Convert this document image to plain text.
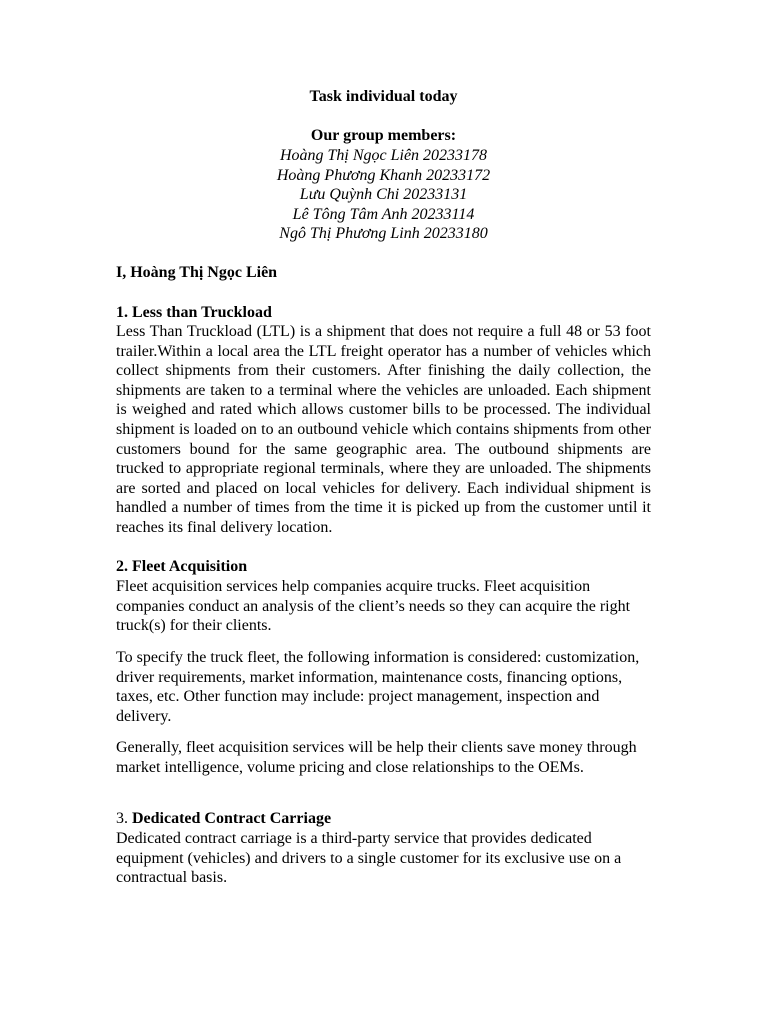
Task individual today
Our group members:
Hoàng Thị Ngọc Liên 20233178
Hoàng Phương Khanh 20233172
Lưu Quỳnh Chi 20233131
Lê Tông Tâm Anh 20233114
Ngô Thị Phương Linh 20233180
I, Hoàng Thị Ngọc Liên
1. Less than Truckload

Less Than Truckload (LTL) is a shipment that does not require a full 48 or 53 foot trailer.Within a local area the LTL freight operator has a number of vehicles which collect shipments from their customers. After finishing the daily collection, the shipments are taken to a terminal where the vehicles are unloaded. Each shipment is weighed and rated which allows customer bills to be processed. The individual shipment is loaded on to an outbound vehicle which contains shipments from other customers bound for the same geographic area. The outbound shipments are trucked to appropriate regional terminals, where they are unloaded. The shipments are sorted and placed on local vehicles for delivery. Each individual shipment is handled a number of times from the time it is picked up from the customer until it reaches its final delivery location.

2. Fleet Acquisition

Fleet acquisition services help companies acquire trucks. Fleet acquisition companies conduct an analysis of the client’s needs so they can acquire the right truck(s) for their clients.

To specify the truck fleet, the following information is considered: customization, driver requirements, market information, maintenance costs, financing options, taxes, etc. Other function may include: project management, inspection and delivery.

Generally, fleet acquisition services will be help their clients save money through market intelligence, volume pricing and close relationships to the OEMs.

3. Dedicated Contract Carriage

Dedicated contract carriage is a third-party service that provides dedicated equipment (vehicles) and drivers to a single customer for its exclusive use on a contractual basis.
